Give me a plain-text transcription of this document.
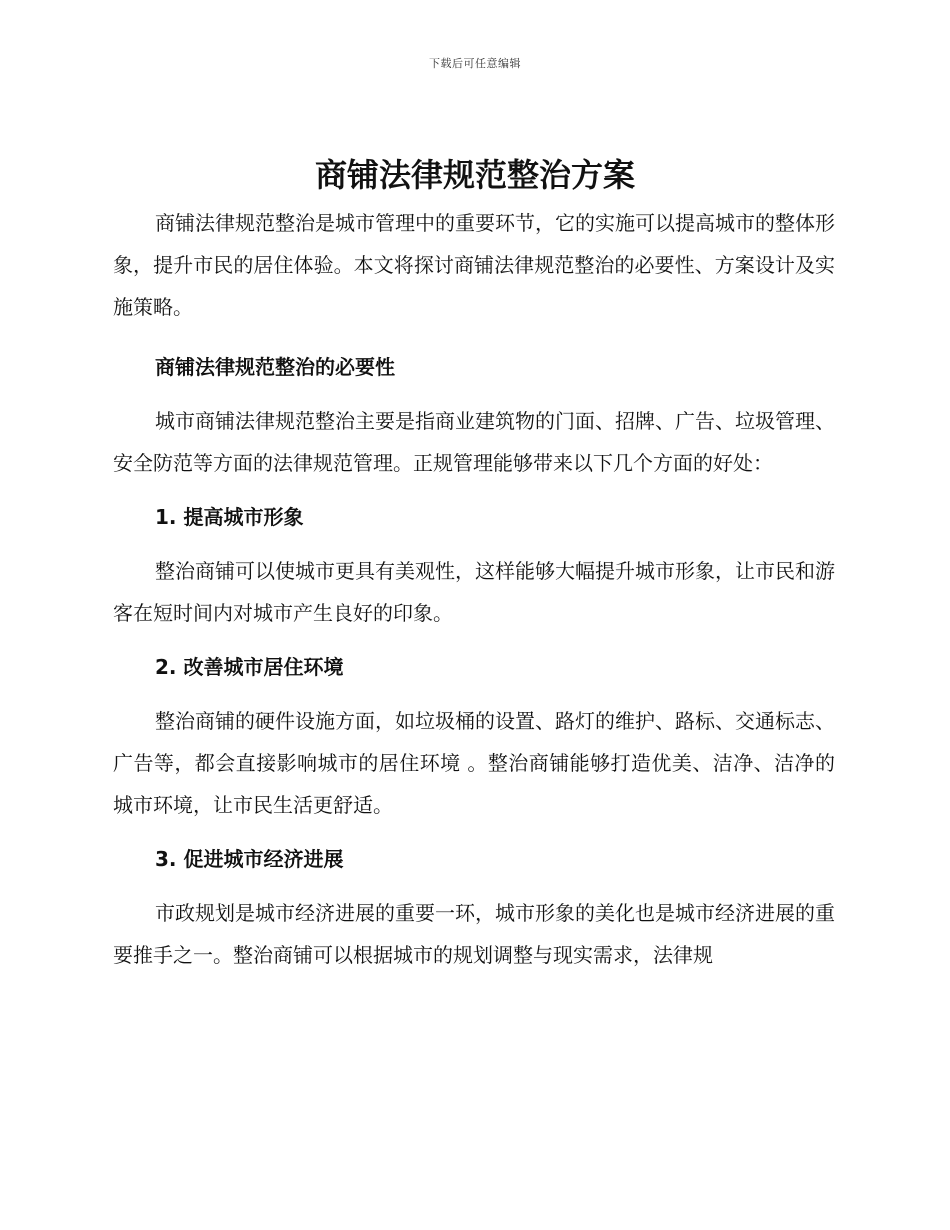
下载后可任意编辑
商铺法律规范整治方案

商铺法律规范整治是城市管理中的重要环节，它的实施可以提高城市的整体形象，提升市民的居住体验。本文将探讨商铺法律规范整治的必要性、方案设计及实施策略。

商铺法律规范整治的必要性

城市商铺法律规范整治主要是指商业建筑物的门面、招牌、广告、垃圾管理、安全防范等方面的法律规范管理。正规管理能够带来以下几个方面的好处：

1. 提高城市形象

整治商铺可以使城市更具有美观性，这样能够大幅提升城市形象，让市民和游客在短时间内对城市产生良好的印象。

2. 改善城市居住环境

整治商铺的硬件设施方面，如垃圾桶的设置、路灯的维护、路标、交通标志、广告等，都会直接影响城市的居住环境 。整治商铺能够打造优美、洁净、洁净的城市环境，让市民生活更舒适。

3. 促进城市经济进展

市政规划是城市经济进展的重要一环，城市形象的美化也是城市经济进展的重要推手之一。整治商铺可以根据城市的规划调整与现实需求，法律规
